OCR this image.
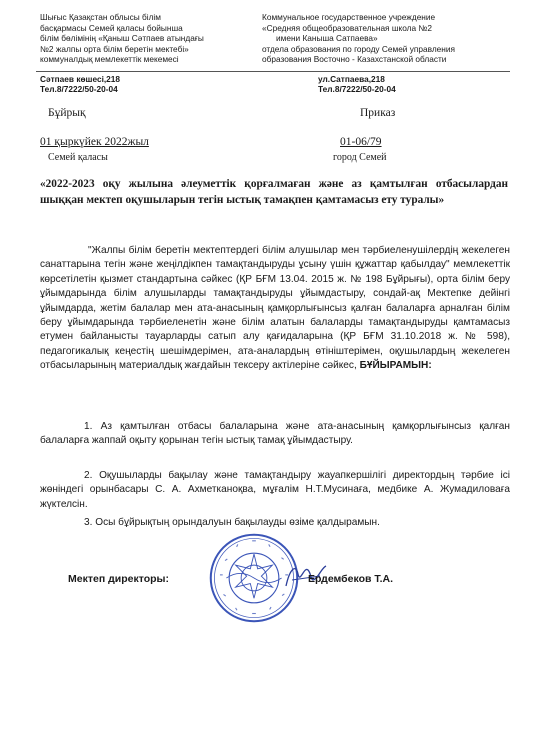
Шығыс Қазақстан облысы білім
басқармасы Семей қаласы бойынша
білім бөлімінің «Қаныш Сәтпаев атындағы
№2 жалпы орта білім беретін мектебі»
коммуналдық мемлекеттік мекемесі
Коммунальное государственное учреждение
«Средняя общеобразовательная школа №2
имени Каныша Сатпаева»
отдела образования по городу Семей управления
образования Восточно - Казахстанской области
Сәтпаев көшесі,218
Тел.8/7222/50-20-04
ул.Сатпаева,218
Тел.8/7222/50-20-04
Бұйрық	Приказ
01 қыркүйек 2022жыл
Семей қаласы
01-06/79
город Семей
«2022-2023 оқу жылына әлеуметтік қорғалмаған және аз қамтылған отбасылардан шыққан мектеп оқушыларын тегін ыстық тамақпен қамтамасыз ету туралы»
"Жалпы білім беретін мектептердегі білім алушылар мен тәрбиеленушілердің жекелеген санаттарына тегін және жеңілдікпен тамақтандыруды ұсыну үшін құжаттар қабылдау" мемлекеттік көрсетілетін қызмет стандартына сәйкес (ҚР БҒМ 13.04. 2015 ж. № 198 Бұйрығы), орта білім беру ұйымдарында білім алушыларды тамақтандыруды ұйымдастыру, сондай-ақ Мектепке дейінгі ұйымдарда, жетім балалар мен ата-анасының қамқорлығынсыз қалған балаларға арналған білім беру ұйымдарында тәрбиеленетін және білім алатын балаларды тамақтандыруды қамтамасыз етумен байланысты тауарларды сатып алу қағидаларына (ҚР БҒМ 31.10.2018 ж. № 598), педагогикалық кеңестің шешімдерімен, ата-аналардың өтініштерімен, оқушылардың жекелеген отбасыларының материалдық жағдайын тексеру актілеріне сәйкес, БҰЙЫРАМЫН:
1. Аз қамтылған отбасы балаларына және ата-анасының қамқорлығынсыз қалған балаларға жаппай оқыту қорынан тегін ыстық тамақ ұйымдастыру.
2. Оқушыларды бақылау және тамақтандыру жауапкершілігі директордың тәрбие ісі жөніндегі орынбасары С. А. Ахметканоқва, мұғалім Н.Т.Мусинаға, медбике А. Жумадиловаға жүктелсін.
3. Осы бұйрықтың орындалуын бақылауды өзіме қалдырамын.
Мектеп директоры:	Ердембеков Т.А.
